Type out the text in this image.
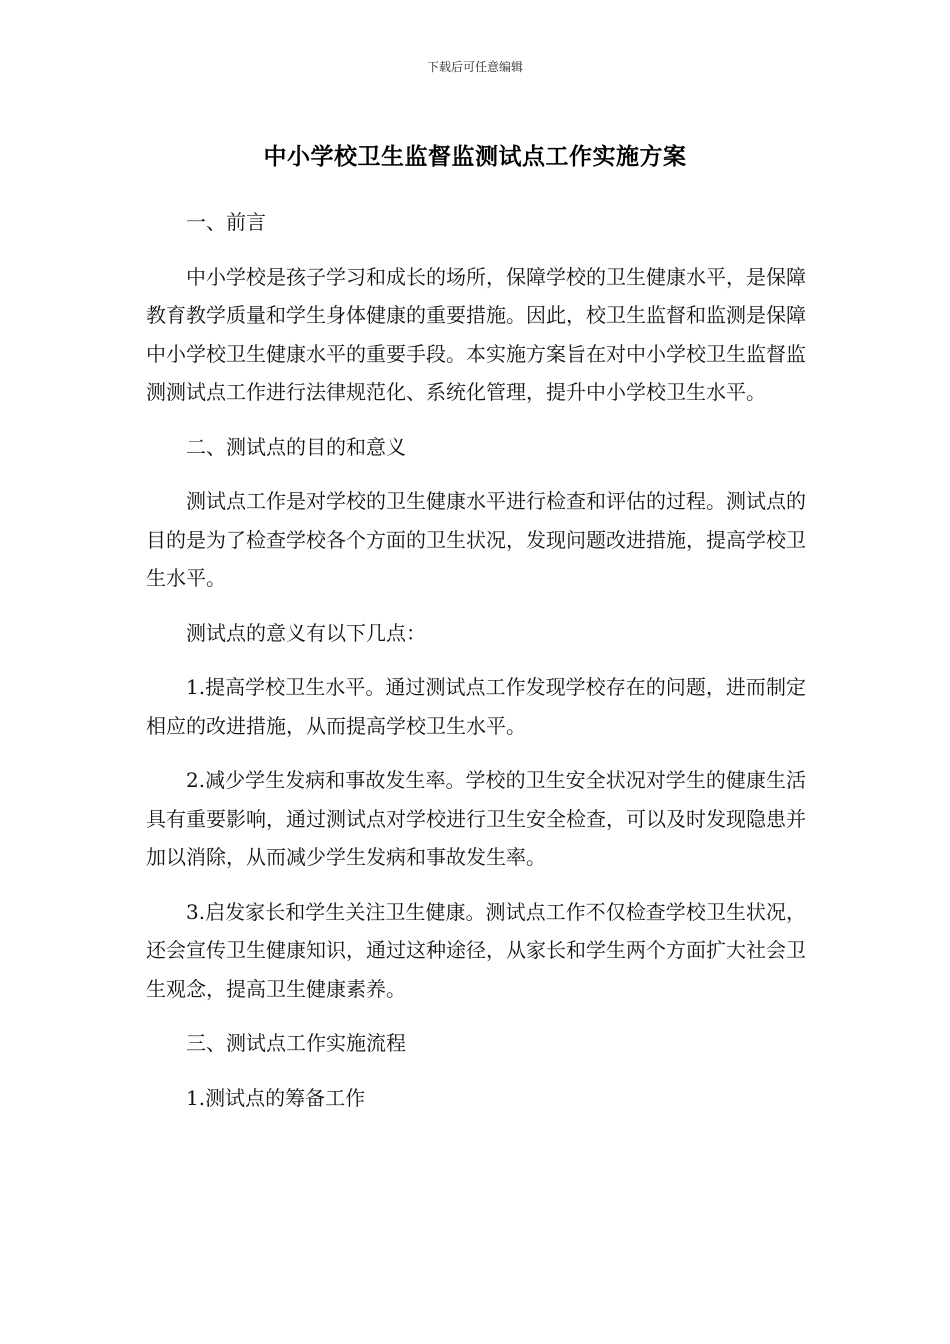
下载后可任意编辑
中小学校卫生监督监测试点工作实施方案

一、前言

中小学校是孩子学习和成长的场所，保障学校的卫生健康水平，是保障教育教学质量和学生身体健康的重要措施。因此，校卫生监督和监测是保障中小学校卫生健康水平的重要手段。本实施方案旨在对中小学校卫生监督监测测试点工作进行法律规范化、系统化管理，提升中小学校卫生水平。

二、测试点的目的和意义

测试点工作是对学校的卫生健康水平进行检查和评估的过程。测试点的目的是为了检查学校各个方面的卫生状况，发现问题改进措施，提高学校卫生水平。

测试点的意义有以下几点：

1.提高学校卫生水平。通过测试点工作发现学校存在的问题，进而制定相应的改进措施，从而提高学校卫生水平。

2.减少学生发病和事故发生率。学校的卫生安全状况对学生的健康生活具有重要影响，通过测试点对学校进行卫生安全检查，可以及时发现隐患并加以消除，从而减少学生发病和事故发生率。

3.启发家长和学生关注卫生健康。测试点工作不仅检查学校卫生状况，还会宣传卫生健康知识，通过这种途径，从家长和学生两个方面扩大社会卫生观念，提高卫生健康素养。

三、测试点工作实施流程

1.测试点的筹备工作
